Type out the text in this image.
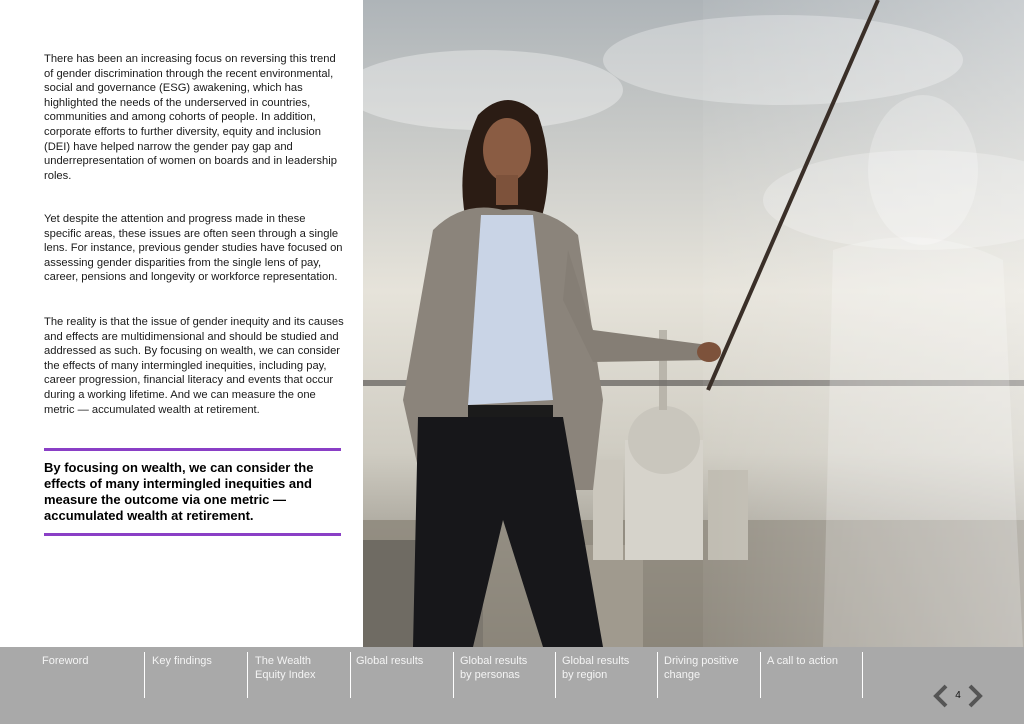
There has been an increasing focus on reversing this trend of gender discrimination through the recent environmental, social and governance (ESG) awakening, which has highlighted the needs of the underserved in countries, communities and among cohorts of people. In addition, corporate efforts to further diversity, equity and inclusion (DEI) have helped narrow the gender pay gap and underrepresentation of women on boards and in leadership roles.

Yet despite the attention and progress made in these specific areas, these issues are often seen through a single lens. For instance, previous gender studies have focused on assessing gender disparities from the single lens of pay, career, pensions and longevity or workforce representation.

The reality is that the issue of gender inequity and its causes and effects are multidimensional and should be studied and addressed as such. By focusing on wealth, we can consider the effects of many intermingled inequities, including pay, career progression, financial literacy and events that occur during a working lifetime. And we can measure the one metric — accumulated wealth at retirement.

By focusing on wealth, we can consider the effects of many intermingled inequities and measure the outcome via one metric — accumulated wealth at retirement.

Foreword	Key findings	The Wealth
Equity Index
Global results	Global results
by personas
Global results
by region
Driving positive
change
A call to action
4
